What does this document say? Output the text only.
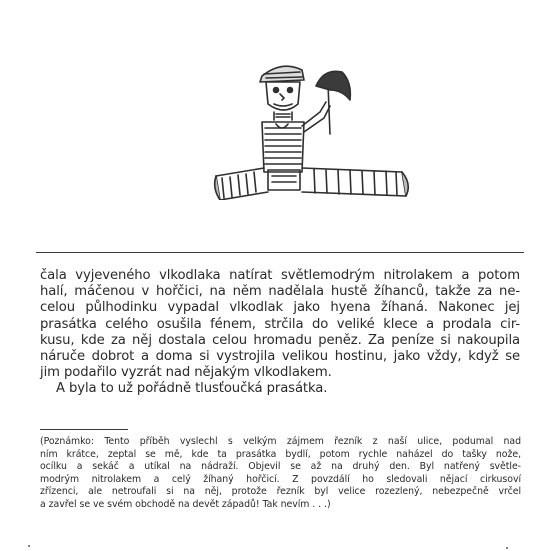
čala vyjeveného vlkodlaka natírat světlemodrým nitrolakem a potom
halí, máčenou v hořčici, na něm nadělala hustě žíhanců, takže za ne-
celou půlhodinku vypadal vlkodlak jako hyena žíhaná. Nakonec jej
prasátka celého osušila fénem, strčila do veliké klece a prodala cir-
kusu, kde za něj dostala celou hromadu peněz. Za peníze si nakoupila
náruče dobrot a doma si vystrojila velikou hostinu, jako vždy, když se
jim podařilo vyzrát nad nějakým vlkodlakem.
A byla to už pořádně tlusťoučká prasátka.
(Poznámko: Tento příběh vyslechl s velkým zájmem řezník z naší ulice, podumal nad
ním krátce, zeptal se mě, kde ta prasátka bydlí, potom rychle naházel do tašky nože,
ocílku a sekáč a utíkal na nádraží. Objevil se až na druhý den. Byl natřený světle-
modrým nitrolakem a celý žíhaný hořčicí. Z povzdálí ho sledovali nějací cirkusoví
zřízenci, ale netroufali si na něj, protože řezník byl velice rozezlený, nebezpečně vrčel
a zavřel se ve svém obchodě na devět západů! Tak nevím . . .)
